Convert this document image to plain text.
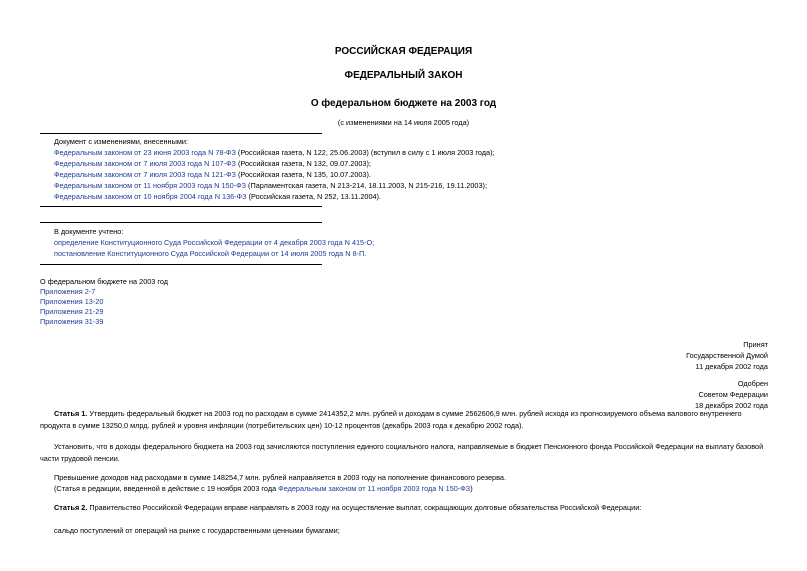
РОССИЙСКАЯ ФЕДЕРАЦИЯ
ФЕДЕРАЛЬНЫЙ ЗАКОН
О федеральном бюджете на 2003 год
(с изменениями на 14 июля 2005 года)
Документ с изменениями, внесенными:
Федеральным законом от 23 июня 2003 года N 78-ФЗ (Российская газета, N 122, 25.06.2003) (вступил в силу с 1 июля 2003 года);
Федеральным законом от 7 июля 2003 года N 107-ФЗ (Российская газета, N 132, 09.07.2003);
Федеральным законом от 7 июля 2003 года N 121-ФЗ (Российская газета, N 135, 10.07.2003).
Федеральным законом от 11 ноября 2003 года N 150-ФЗ (Парламентская газета, N 213-214, 18.11.2003, N 215-216, 19.11.2003);
Федеральным законом от 10 ноября 2004 года N 136-ФЗ (Российская газета, N 252, 13.11.2004).
В документе учтено:
определение Конституционного Суда Российской Федерации от 4 декабря 2003 года N 415-О;
постановление Конституционного Суда Российской Федерации от 14 июля 2005 года N 8-П.
О федеральном бюджете на 2003 год
Приложения 2-7
Приложения 13-20
Приложения 21-29
Приложения 31-39
Принят
Государственной Думой
11 декабря 2002 года
Одобрен
Советом Федерации
18 декабря 2002 года
Статья 1. Утвердить федеральный бюджет на 2003 год по расходам в сумме 2414352,2 млн. рублей и доходам в сумме 2562606,9 млн. рублей исходя из прогнозируемого объема валового внутреннего продукта в сумме 13250,0 млрд. рублей и уровня инфляции (потребительских цен) 10-12 процентов (декабрь 2003 года к декабрю 2002 года).
Установить, что в доходы федерального бюджета на 2003 год зачисляются поступления единого социального налога, направляемые в бюджет Пенсионного фонда Российской Федерации на выплату базовой части трудовой пенсии.
Превышение доходов над расходами в сумме 148254,7 млн. рублей направляется в 2003 году на пополнение финансового резерва.
(Статья в редакции, введенной в действие с 19 ноября 2003 года Федеральным законом от 11 ноября 2003 года N 150-ФЗ)
Статья 2. Правительство Российской Федерации вправе направлять в 2003 году на осуществление выплат, сокращающих долговые обязательства Российской Федерации:
сальдо поступлений от операций на рынке с государственными ценными бумагами;
